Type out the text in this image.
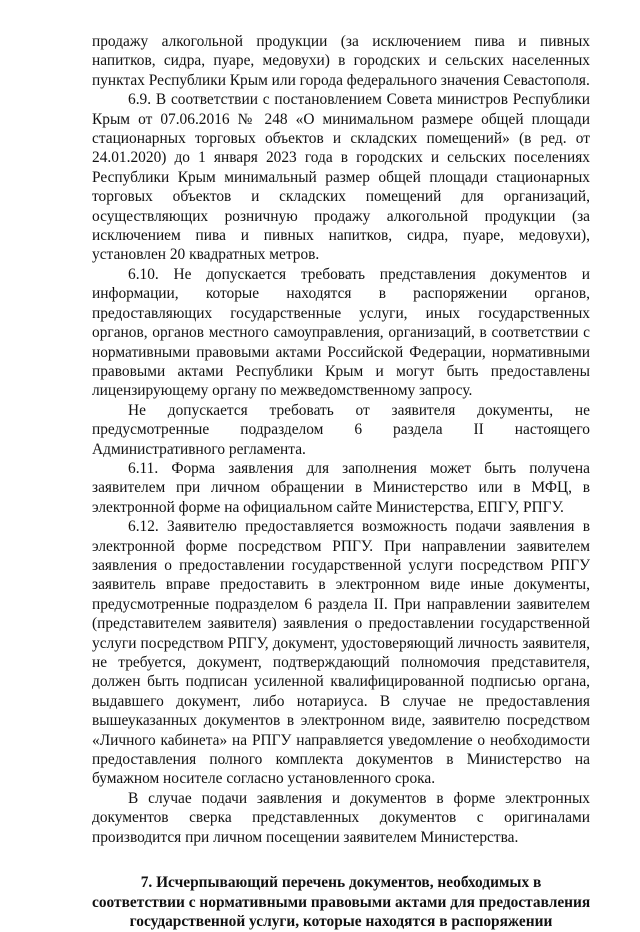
продажу алкогольной продукции (за исключением пива и пивных напитков, сидра, пуаре, медовухи) в городских и сельских населенных пунктах Республики Крым или города федерального значения Севастополя.

6.9. В соответствии с постановлением Совета министров Республики Крым от 07.06.2016 № 248 «О минимальном размере общей площади стационарных торговых объектов и складских помещений» (в ред. от 24.01.2020) до 1 января 2023 года в городских и сельских поселениях Республики Крым минимальный размер общей площади стационарных торговых объектов и складских помещений для организаций, осуществляющих розничную продажу алкогольной продукции (за исключением пива и пивных напитков, сидра, пуаре, медовухи), установлен 20 квадратных метров.

6.10. Не допускается требовать представления документов и информации, которые находятся в распоряжении органов, предоставляющих государственные услуги, иных государственных органов, органов местного самоуправления, организаций, в соответствии с нормативными правовыми актами Российской Федерации, нормативными правовыми актами Республики Крым и могут быть предоставлены лицензирующему органу по межведомственному запросу.

Не допускается требовать от заявителя документы, не предусмотренные подразделом 6 раздела II настоящего Административного регламента.

6.11. Форма заявления для заполнения может быть получена заявителем при личном обращении в Министерство или в МФЦ, в электронной форме на официальном сайте Министерства, ЕПГУ, РПГУ.

6.12. Заявителю предоставляется возможность подачи заявления в электронной форме посредством РПГУ. При направлении заявителем заявления о предоставлении государственной услуги посредством РПГУ заявитель вправе предоставить в электронном виде иные документы, предусмотренные подразделом 6 раздела II. При направлении заявителем (представителем заявителя) заявления о предоставлении государственной услуги посредством РПГУ, документ, удостоверяющий личность заявителя, не требуется, документ, подтверждающий полномочия представителя, должен быть подписан усиленной квалифицированной подписью органа, выдавшего документ, либо нотариуса. В случае не предоставления вышеуказанных документов в электронном виде, заявителю посредством «Личного кабинета» на РПГУ направляется уведомление о необходимости предоставления полного комплекта документов в Министерство на бумажном носителе согласно установленного срока.

В случае подачи заявления и документов в форме электронных документов сверка представленных документов с оригиналами производится при личном посещении заявителем Министерства.

7. Исчерпывающий перечень документов, необходимых в
соответствии с нормативными правовыми актами для предоставления
государственной услуги, которые находятся в распоряжении
